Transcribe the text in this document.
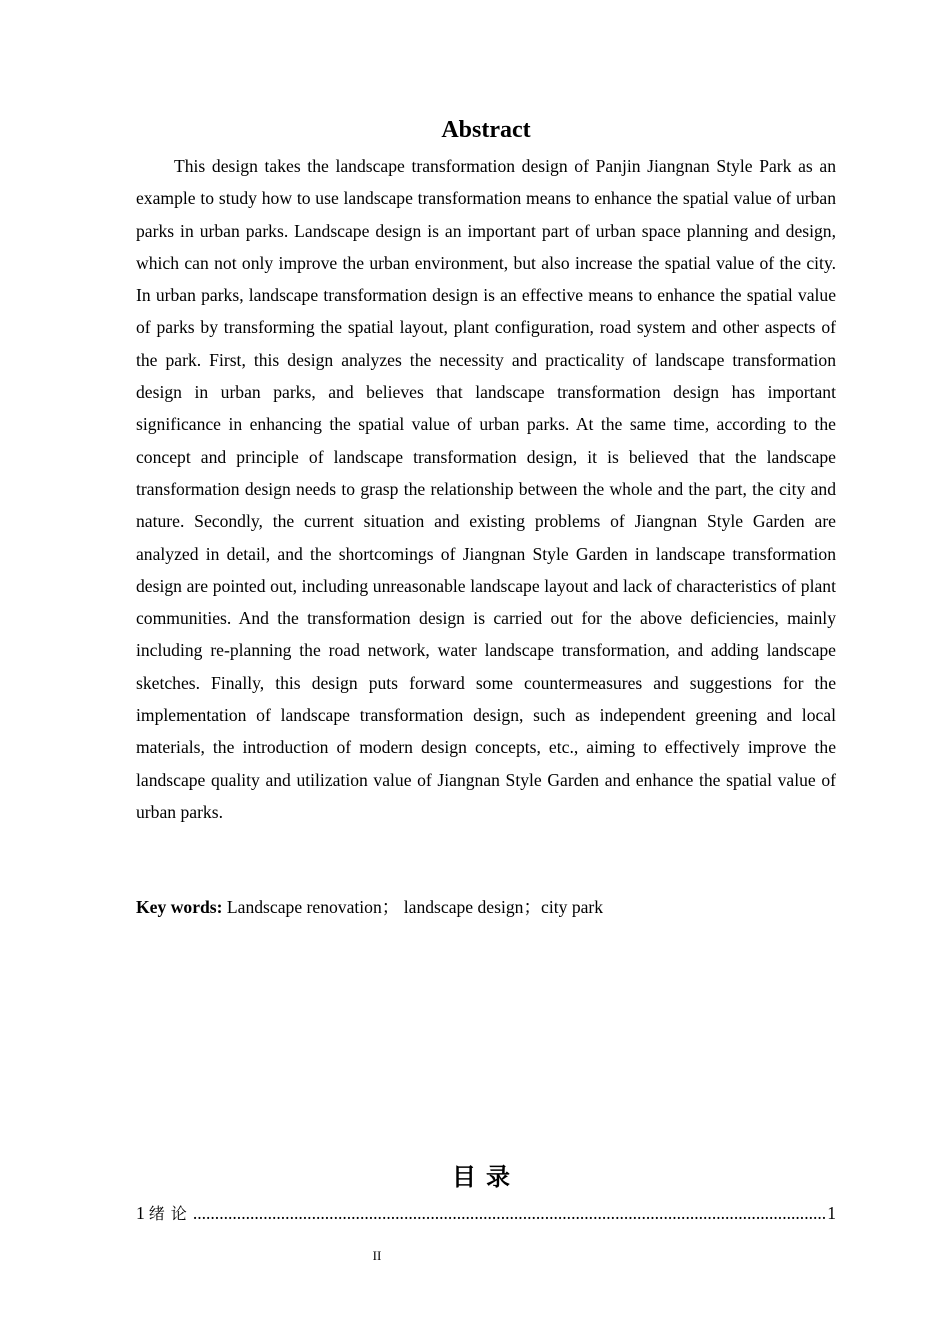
Abstract

This design takes the landscape transformation design of Panjin Jiangnan Style Park as an example to study how to use landscape transformation means to enhance the spatial value of urban parks in urban parks. Landscape design is an important part of urban space planning and design, which can not only improve the urban environment, but also increase the spatial value of the city. In urban parks, landscape transformation design is an effective means to enhance the spatial value of parks by transforming the spatial layout, plant configuration, road system and other aspects of the park. First, this design analyzes the necessity and practicality of landscape transformation design in urban parks, and believes that landscape transformation design has important significance in enhancing the spatial value of urban parks. At the same time, according to the concept and principle of landscape transformation design, it is believed that the landscape transformation design needs to grasp the relationship between the whole and the part, the city and nature. Secondly, the current situation and existing problems of Jiangnan Style Garden are analyzed in detail, and the shortcomings of Jiangnan Style Garden in landscape transformation design are pointed out, including unreasonable landscape layout and lack of characteristics of plant communities. And the transformation design is carried out for the above deficiencies, mainly including re-planning the road network, water landscape transformation, and adding landscape sketches. Finally, this design puts forward some countermeasures and suggestions for the implementation of landscape transformation design, such as independent greening and local materials, the introduction of modern design concepts, etc., aiming to effectively improve the landscape quality and utilization value of Jiangnan Style Garden and enhance the spatial value of urban parks.

Key words: Landscape renovation； landscape design；city park

目录
1 绪论
.....	1
II
